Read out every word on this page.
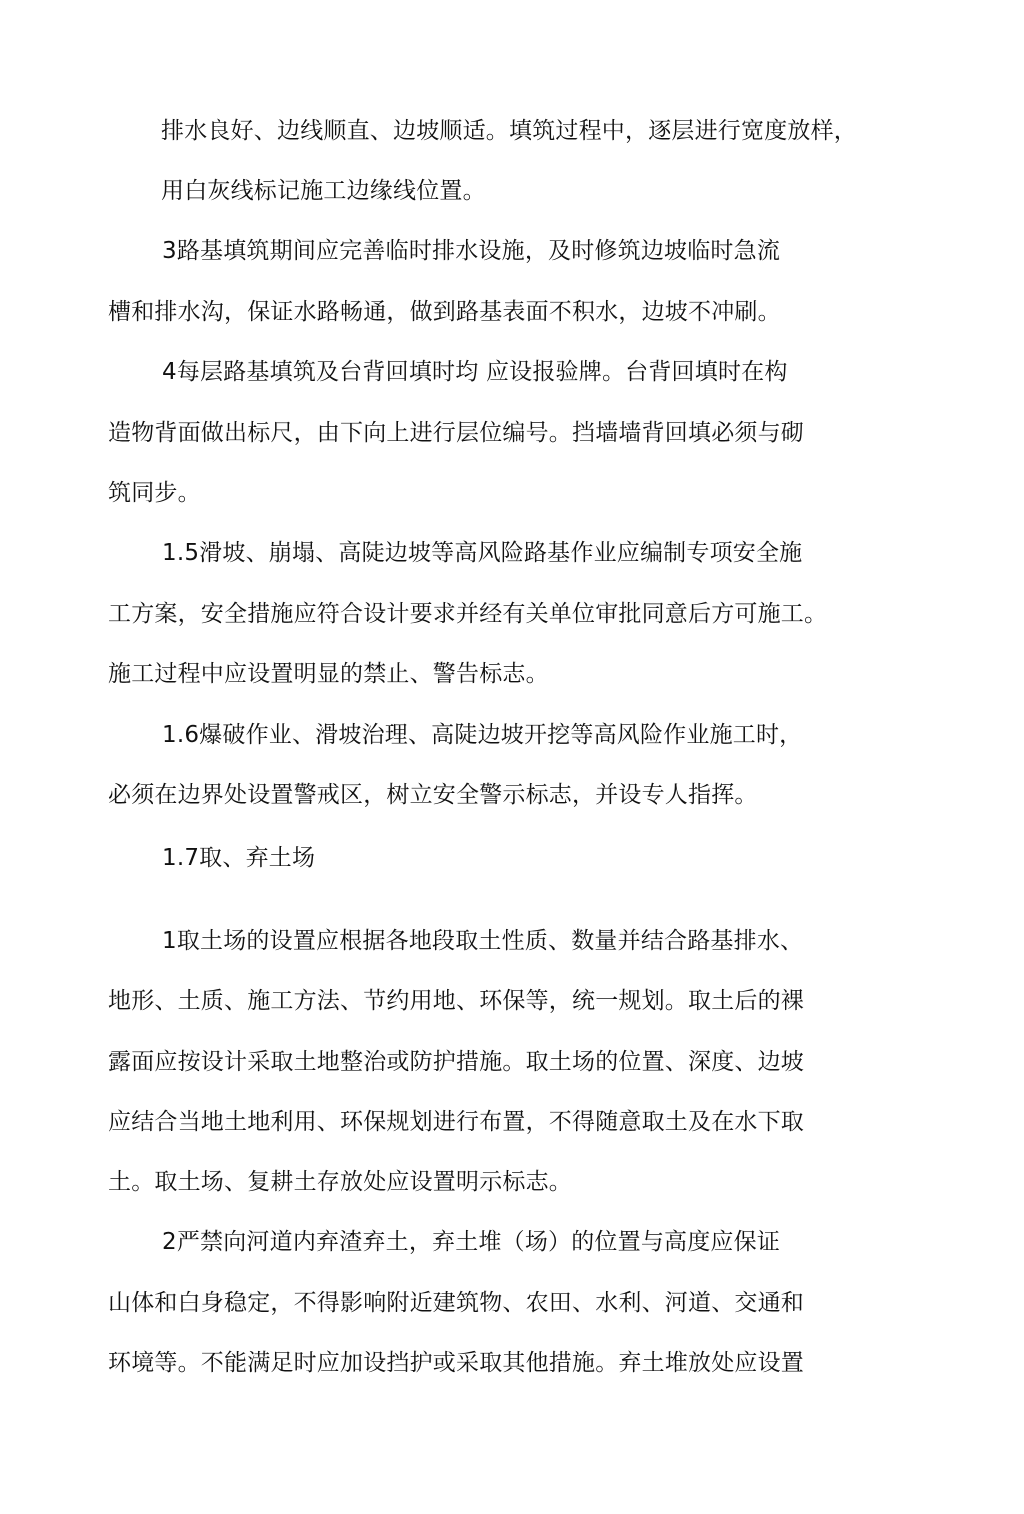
排水良好、边线顺直、边坡顺适。填筑过程中，逐层进行宽度放样，
用白灰线标记施工边缘线位置。
3路基填筑期间应完善临时排水设施，及时修筑边坡临时急流
槽和排水沟，保证水路畅通，做到路基表面不积水，边坡不冲刷。
4每层路基填筑及台背回填时均 应设报验牌。台背回填时在构
造物背面做出标尺，由下向上进行层位编号。挡墙墙背回填必须与砌
筑同步。
1.5滑坡、崩塌、高陡边坡等高风险路基作业应编制专项安全施
工方案，安全措施应符合设计要求并经有关单位审批同意后方可施工。
施工过程中应设置明显的禁止、警告标志。
1.6爆破作业、滑坡治理、高陡边坡开挖等高风险作业施工时，
必须在边界处设置警戒区，树立安全警示标志，并设专人指挥。
1.7取、弃土场
1取土场的设置应根据各地段取土性质、数量并结合路基排水、
地形、土质、施工方法、节约用地、环保等，统一规划。取土后的裸
露面应按设计采取土地整治或防护措施。取土场的位置、深度、边坡
应结合当地土地利用、环保规划进行布置，不得随意取土及在水下取
土。取土场、复耕土存放处应设置明示标志。
2严禁向河道内弃渣弃土，弃土堆（场）的位置与高度应保证
山体和白身稳定，不得影响附近建筑物、农田、水利、河道、交通和
环境等。不能满足时应加设挡护或采取其他措施。弃土堆放处应设置
